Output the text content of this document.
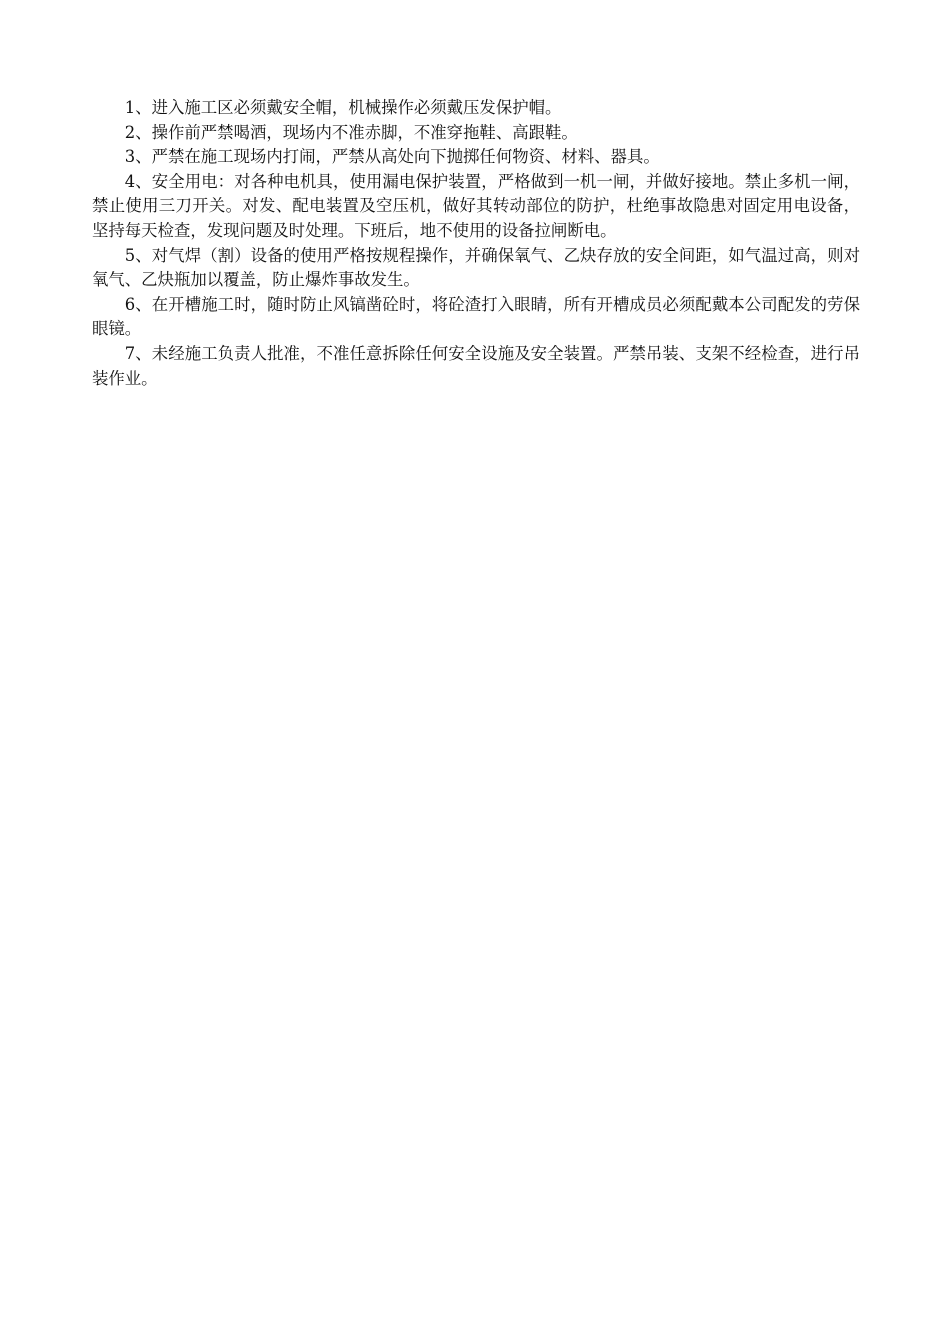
1、进入施工区必须戴安全帽，机械操作必须戴压发保护帽。

2、操作前严禁喝酒，现场内不准赤脚，不准穿拖鞋、高跟鞋。

3、严禁在施工现场内打闹，严禁从高处向下抛掷任何物资、材料、器具。

4、安全用电：对各种电机具，使用漏电保护装置，严格做到一机一闸，并做好接地。禁止多机一闸，禁止使用三刀开关。对发、配电装置及空压机，做好其转动部位的防护，杜绝事故隐患对固定用电设备，坚持每天检查，发现问题及时处理。下班后，地不使用的设备拉闸断电。

5、对气焊（割）设备的使用严格按规程操作，并确保氧气、乙炔存放的安全间距，如气温过高，则对氧气、乙炔瓶加以覆盖，防止爆炸事故发生。

6、在开槽施工时，随时防止风镐凿砼时，将砼渣打入眼睛，所有开槽成员必须配戴本公司配发的劳保眼镜。

7、未经施工负责人批准，不准任意拆除任何安全设施及安全装置。严禁吊装、支架不经检查，进行吊装作业。
